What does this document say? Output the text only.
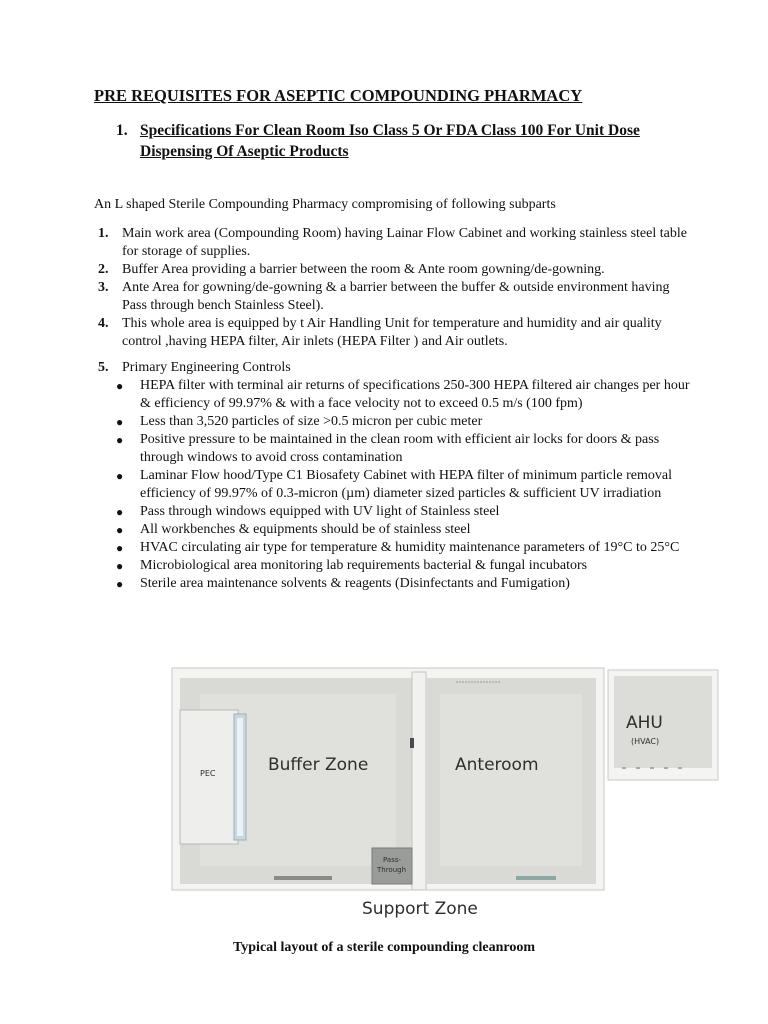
PRE REQUISITES FOR ASEPTIC COMPOUNDING PHARMACY
1. Specifications For Clean Room Iso Class 5 Or FDA Class 100 For Unit Dose Dispensing Of Aseptic Products
An L shaped Sterile Compounding Pharmacy compromising of following subparts
1. Main work area (Compounding Room) having Lainar Flow Cabinet and working stainless steel table for storage of supplies.
2. Buffer Area providing a barrier between the room & Ante room gowning/de-gowning.
3. Ante Area for gowning/de-gowning & a barrier between the buffer & outside environment having Pass through bench Stainless Steel).
4. This whole area is equipped by t Air Handling Unit for temperature and humidity and air quality control ,having HEPA filter, Air inlets (HEPA Filter ) and Air outlets.
5. Primary Engineering Controls
● HEPA filter with terminal air returns of specifications 250-300 HEPA filtered air changes per hour & efficiency of 99.97% & with a face velocity not to exceed 0.5 m/s (100 fpm)
● Less than 3,520 particles of size >0.5 micron per cubic meter
● Positive pressure to be maintained in the clean room with efficient air locks for doors & pass through windows to avoid cross contamination
● Laminar Flow hood/Type C1 Biosafety Cabinet with HEPA filter of minimum particle removal efficiency of 99.97% of 0.3-micron (µm) diameter sized particles & sufficient UV irradiation
● Pass through windows equipped with UV light of Stainless steel
● All workbenches & equipments should be of stainless steel
● HVAC circulating air type for temperature & humidity maintenance parameters of 19°C to 25°C
● Microbiological area monitoring lab requirements bacterial & fungal incubators
● Sterile area maintenance solvents & reagents (Disinfectants and Fumigation)
PEC	Buffer Zone	Anteroom
AHU
(HVAC)
Pass-
Through
Support Zone
Typical layout of a sterile compounding cleanroom
